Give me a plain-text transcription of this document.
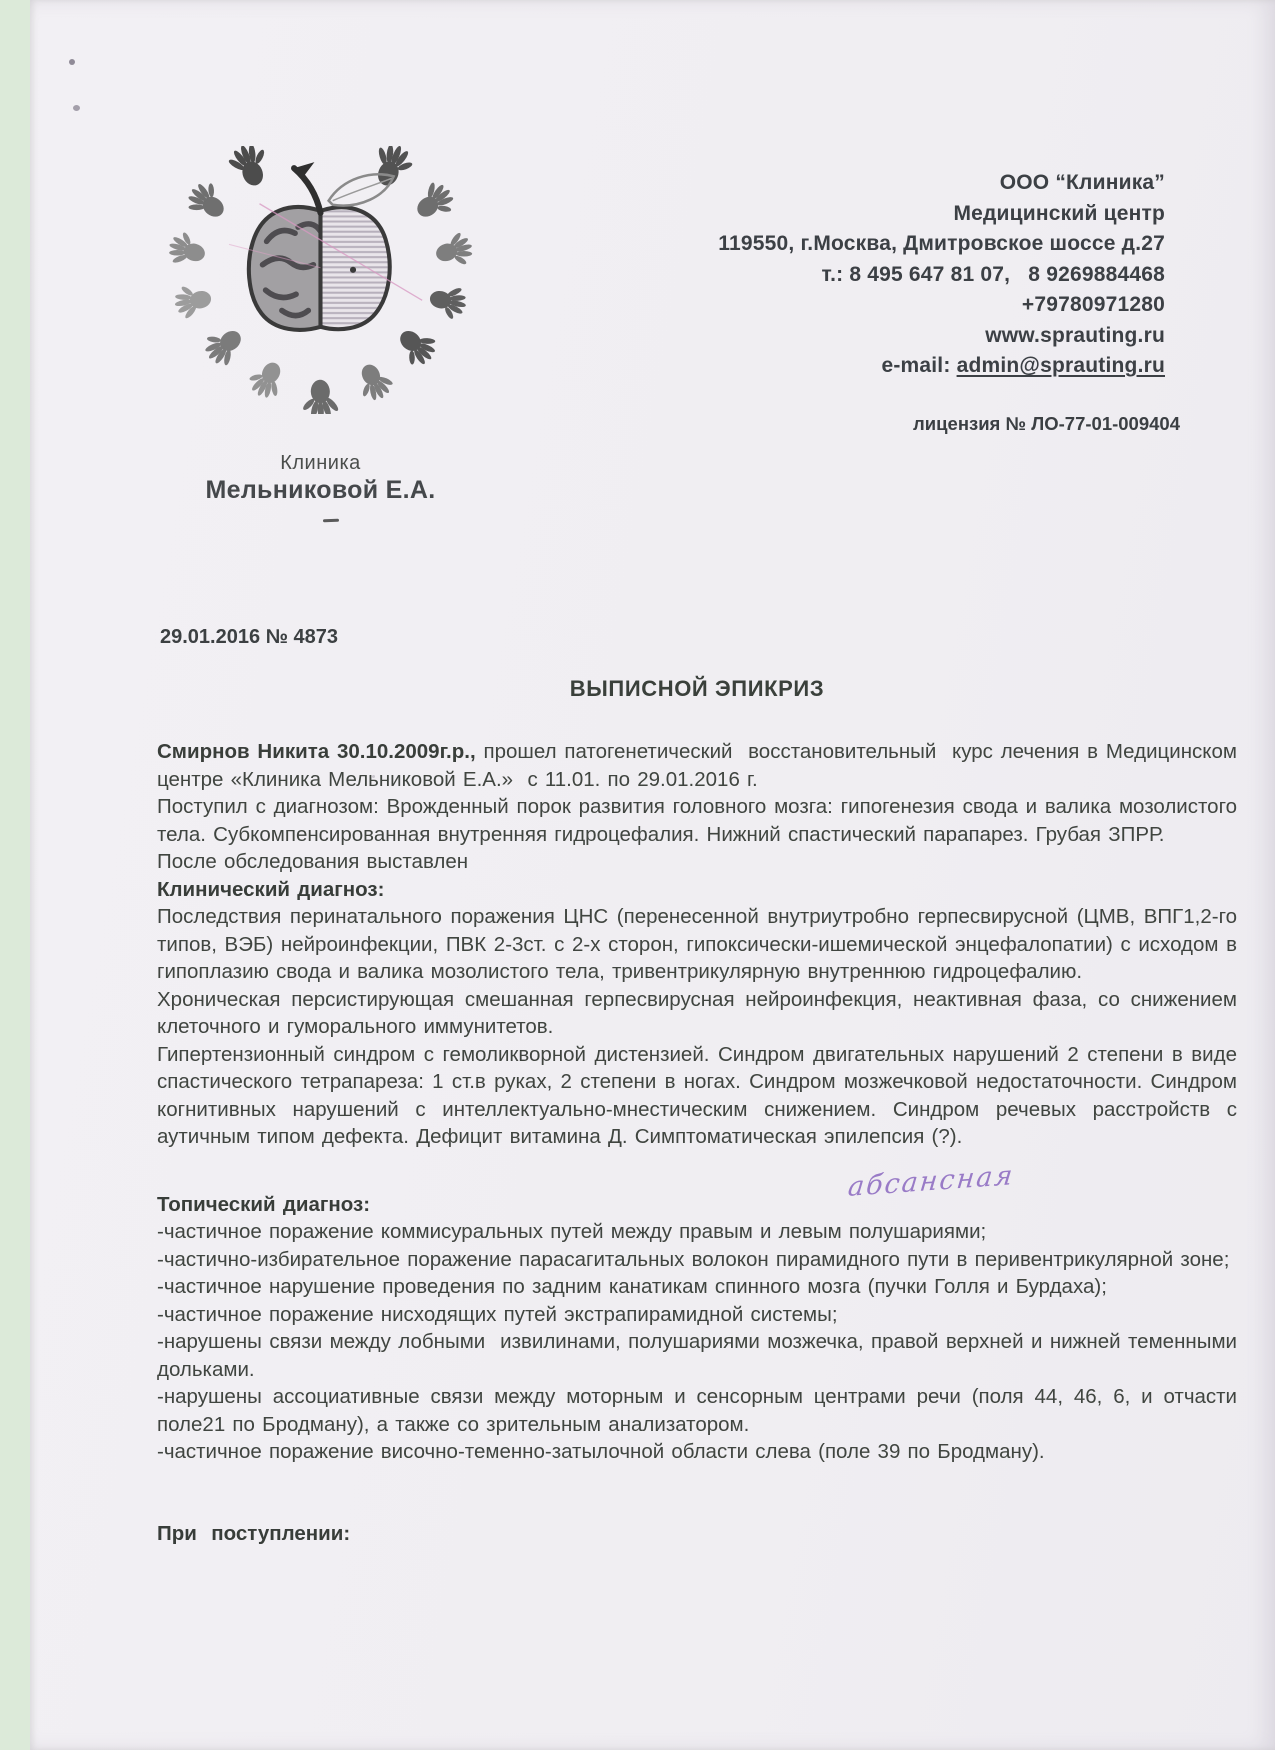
Клиника
Мельниковой Е.А.
ООО “Клиника”
Медицинский центр
119550, г.Москва, Дмитровское шоссе д.27
т.: 8 495 647 81 07,   8 9269884468
+79780971280
www.sprauting.ru
e-mail: admin@sprauting.ru
лицензия № ЛО-77-01-009404
29.01.2016 № 4873
ВЫПИСНОЙ ЭПИКРИЗ

Смирнов Никита 30.10.2009г.р., прошел патогенетический  восстановительный  курс лечения в Медицинском центре «Клиника Мельниковой Е.А.»  с 11.01. по 29.01.2016 г.

Поступил с диагнозом: Врожденный порок развития головного мозга: гипогенезия свода и валика мозолистого тела. Субкомпенсированная внутренняя гидроцефалия. Нижний спастический парапарез. Грубая ЗПРР.

После обследования выставлен

Клинический диагноз:

Последствия перинатального поражения ЦНС (перенесенной внутриутробно герпесвирусной (ЦМВ, ВПГ1,2-го типов, ВЭБ) нейроинфекции, ПВК 2-3ст. с 2-х сторон, гипоксически-ишемической энцефалопатии) с исходом в гипоплазию свода и валика мозолистого тела, тривентрикулярную внутреннюю гидроцефалию.

Хроническая персистирующая смешанная герпесвирусная нейроинфекция, неактивная фаза, со снижением клеточного и гуморального иммунитетов.

Гипертензионный синдром с гемоликворной дистензией. Синдром двигательных нарушений 2 степени в виде спастического тетрапареза: 1 ст.в руках, 2 степени в ногах. Синдром мозжечковой недостаточности. Синдром когнитивных нарушений с интеллектуально-мнестическим снижением. Синдром речевых расстройств с аутичным типом дефекта. Дефицит витамина Д. Симптоматическая эпилепсия (?).

Топический диагноз:

-частичное поражение коммисуральных путей между правым и левым полушариями;

-частично-избирательное поражение парасагитальных волокон пирамидного пути в перивентрикулярной зоне;

-частичное нарушение проведения по задним канатикам спинного мозга (пучки Голля и Бурдаха);

-частичное поражение нисходящих путей экстрапирамидной системы;

-нарушены связи между лобными  извилинами, полушариями мозжечка, правой верхней и нижней теменными дольками.

-нарушены ассоциативные связи между моторным и сенсорным центрами речи (поля 44, 46, 6, и отчасти поле21 по Бродману), а также со зрительным анализатором.

-частичное поражение височно-теменно-затылочной области слева (поле 39 по Бродману).

При  поступлении:

абсансная
